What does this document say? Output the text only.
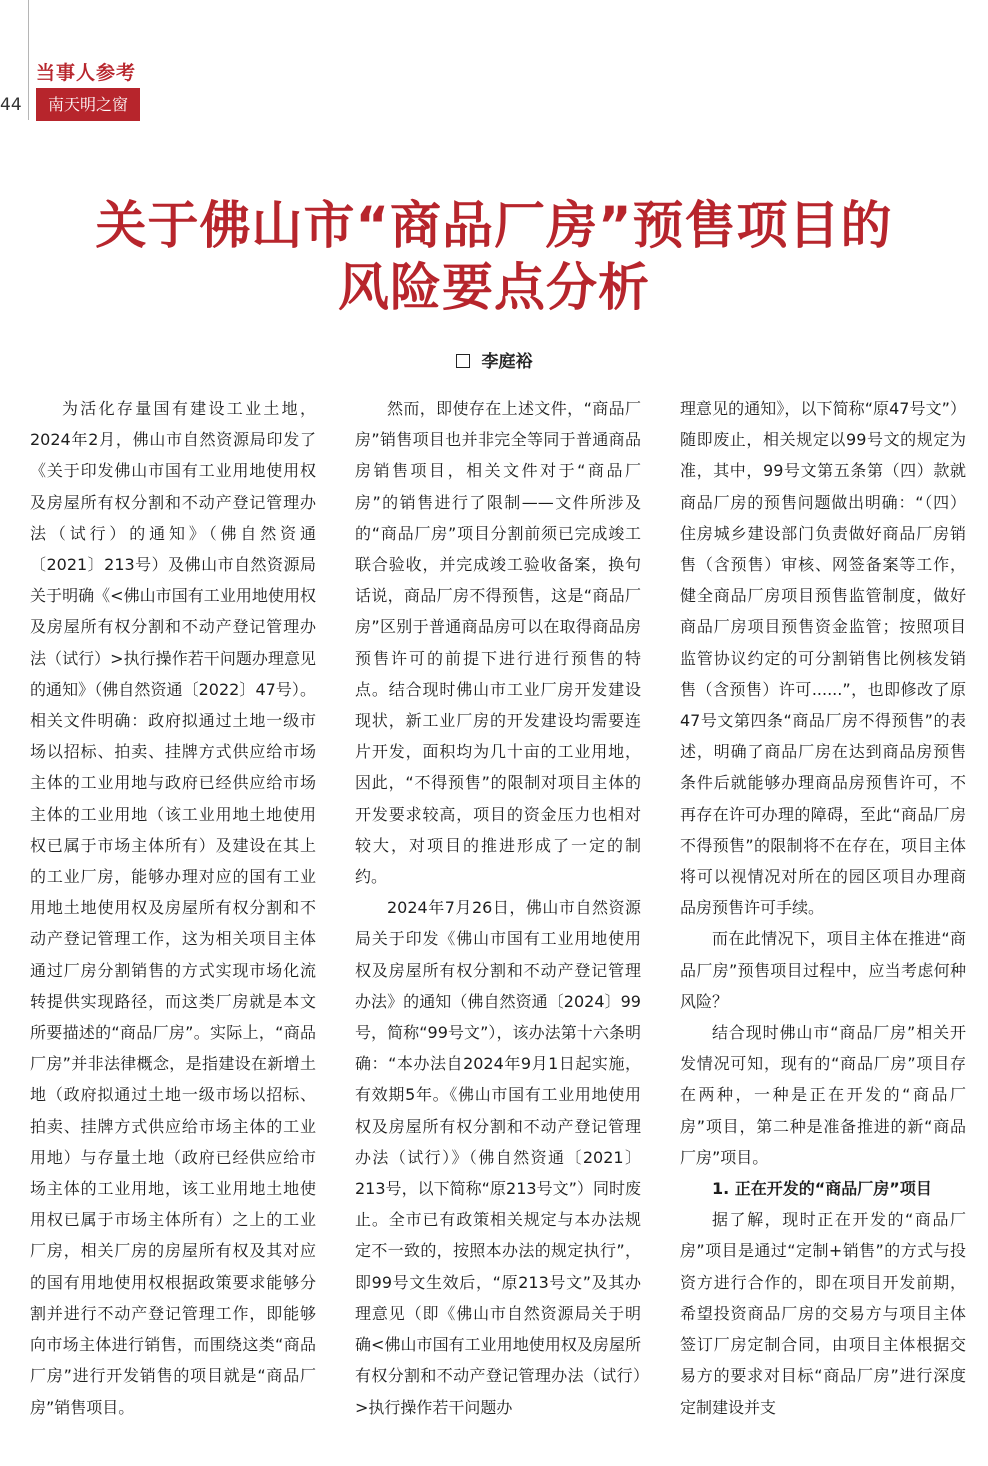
44
当事人参考
南天明之窗
关于佛山市“商品厂房”预售项目的
风险要点分析
李庭裕

为活化存量国有建设工业土地，2024年2月，佛山市自然资源局印发了《关于印发佛山市国有工业用地使用权及房屋所有权分割和不动产登记管理办法（试行）的通知》（佛自然资通〔2021〕213号）及佛山市自然资源局关于明确《<佛山市国有工业用地使用权及房屋所有权分割和不动产登记管理办法（试行）>执行操作若干问题办理意见的通知》（佛自然资通〔2022〕47号）。相关文件明确：政府拟通过土地一级市场以招标、拍卖、挂牌方式供应给市场主体的工业用地与政府已经供应给市场主体的工业用地（该工业用地土地使用权已属于市场主体所有）及建设在其上的工业厂房，能够办理对应的国有工业用地土地使用权及房屋所有权分割和不动产登记管理工作，这为相关项目主体通过厂房分割销售的方式实现市场化流转提供实现路径，而这类厂房就是本文所要描述的“商品厂房”。实际上，“商品厂房”并非法律概念，是指建设在新增土地（政府拟通过土地一级市场以招标、拍卖、挂牌方式供应给市场主体的工业用地）与存量土地（政府已经供应给市场主体的工业用地，该工业用地土地使用权已属于市场主体所有）之上的工业厂房，相关厂房的房屋所有权及其对应的国有用地使用权根据政策要求能够分割并进行不动产登记管理工作，即能够向市场主体进行销售，而围绕这类“商品厂房”进行开发销售的项目就是“商品厂房”销售项目。

然而，即使存在上述文件，“商品厂房”销售项目也并非完全等同于普通商品房销售项目，相关文件对于“商品厂房”的销售进行了限制——文件所涉及的“商品厂房”项目分割前须已完成竣工联合验收，并完成竣工验收备案，换句话说，商品厂房不得预售，这是“商品厂房”区别于普通商品房可以在取得商品房预售许可的前提下进行进行预售的特点。结合现时佛山市工业厂房开发建设现状，新工业厂房的开发建设均需要连片开发，面积均为几十亩的工业用地，因此，“不得预售”的限制对项目主体的开发要求较高，项目的资金压力也相对较大，对项目的推进形成了一定的制约。

2024年7月26日，佛山市自然资源局关于印发《佛山市国有工业用地使用权及房屋所有权分割和不动产登记管理办法》的通知（佛自然资通〔2024〕99号，简称“99号文”），该办法第十六条明确：“本办法自2024年9月1日起实施，有效期5年。《佛山市国有工业用地使用权及房屋所有权分割和不动产登记管理办法（试行）》（佛自然资通〔2021〕213号，以下简称“原213号文”）同时废止。全市已有政策相关规定与本办法规定不一致的，按照本办法的规定执行”，即99号文生效后，“原213号文”及其办理意见（即《佛山市自然资源局关于明确<佛山市国有工业用地使用权及房屋所有权分割和不动产登记管理办法（试行）>执行操作若干问题办

理意见的通知》，以下简称“原47号文”）随即废止，相关规定以99号文的规定为准，其中，99号文第五条第（四）款就商品厂房的预售问题做出明确：“（四）住房城乡建设部门负责做好商品厂房销售（含预售）审核、网签备案等工作，健全商品厂房项目预售监管制度，做好商品厂房项目预售资金监管；按照项目监管协议约定的可分割销售比例核发销售（含预售）许可......”，也即修改了原47号文第四条“商品厂房不得预售”的表述，明确了商品厂房在达到商品房预售条件后就能够办理商品房预售许可，不再存在许可办理的障碍，至此“商品厂房不得预售”的限制将不在存在，项目主体将可以视情况对所在的园区项目办理商品房预售许可手续。

而在此情况下，项目主体在推进“商品厂房”预售项目过程中，应当考虑何种风险？

结合现时佛山市“商品厂房”相关开发情况可知，现有的“商品厂房”项目存在两种，一种是正在开发的“商品厂房”项目，第二种是准备推进的新“商品厂房”项目。

1. 正在开发的“商品厂房”项目

据了解，现时正在开发的“商品厂房”项目是通过“定制+销售”的方式与投资方进行合作的，即在项目开发前期，希望投资商品厂房的交易方与项目主体签订厂房定制合同，由项目主体根据交易方的要求对目标“商品厂房”进行深度定制建设并支
